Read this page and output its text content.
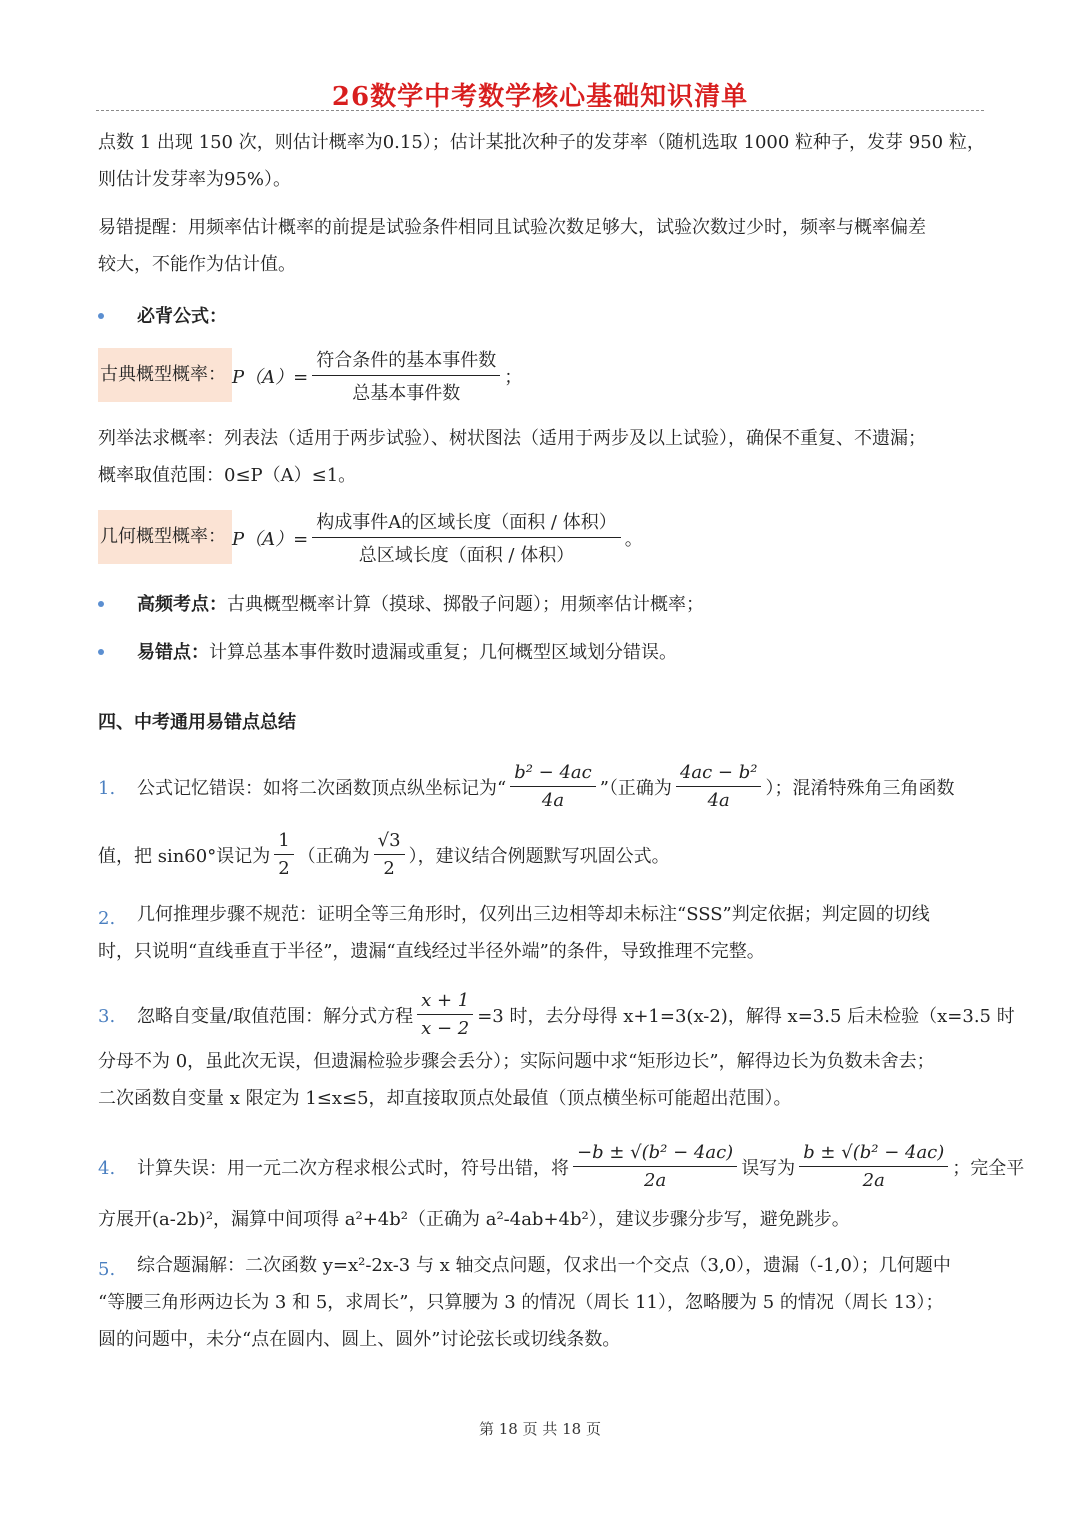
26数学中考数学核心基础知识清单
点数 1 出现 150 次，则估计概率为0.15）；估计某批次种子的发芽率（随机选取 1000 粒种子，发芽 950 粒，
则估计发芽率为95%）。
易错提醒：用频率估计概率的前提是试验条件相同且试验次数足够大，试验次数过少时，频率与概率偏差
较大，不能作为估计值。
必背公式：
古典概型概率： $P(A)= \frac{\text{符合条件的基本事件数}}{\text{总基本事件数}}$ ；
列举法求概率：列表法（适用于两步试验）、树状图法（适用于两步及以上试验），确保不重复、不遗漏；
概率取值范围：0≤P（A）≤1。
几何概型概率： $P(A)= \frac{\text{构成事件A的区域长度（面积 / 体积）}}{\text{总区域长度（面积 / 体积）}}$ 。
高频考点：古典概型概率计算（摸球、掷骰子问题）；用频率估计概率；
易错点：计算总基本事件数时遗漏或重复；几何概型区域划分错误。
四、中考通用易错点总结
1. 公式记忆错误：如将二次函数顶点纵坐标记为“ $\frac{\text{b² − 4ac}}{4a}$ ”（正确为 $\frac{\text{4ac − b²}}{4a}$ ）；混淆特殊角三角函数
值，把 sin60°误记为 $\frac{1}{2}$ （正确为 $\frac{√3}{2}$ ），建议结合例题默写巩固公式。
2. 几何推理步骤不规范：证明全等三角形时，仅列出三边相等却未标注“SSS”判定依据；判定圆的切线
时，只说明“直线垂直于半径”，遗漏“直线经过半径外端”的条件，导致推理不完整。
3. 忽略自变量/取值范围：解分式方程 $\frac{x + 1}{x - 2} =3$ 时，去分母得 x+1=3(x-2)，解得 x=3.5 后未检验（x=3.5 时
分母不为 0，虽此次无误，但遗漏检验步骤会丢分）；实际问题中求“矩形边长”，解得边长为负数未舍去；
二次函数自变量 x 限定为 1≤x≤5，却直接取顶点处最值（顶点横坐标可能超出范围）。
4. 计算失误：用一元二次方程求根公式时，符号出错，将 $\frac{\text{−b ± √(b² − 4ac)}}{2a}$ 误写为 $\frac{\text{b ± √(b² − 4ac)}}{2a}$ ；完全平
方展开(a-2b)²，漏算中间项得 a²+4b²（正确为 a²-4ab+4b²），建议步骤分步写，避免跳步。
5. 综合题漏解：二次函数 y=x²-2x-3 与 x 轴交点问题，仅求出一个交点（3,0），遗漏（-1,0）；几何题中
“等腰三角形两边长为 3 和 5，求周长”，只算腰为 3 的情况（周长 11），忽略腰为 5 的情况（周长 13）；
圆的问题中，未分“点在圆内、圆上、圆外”讨论弦长或切线条数。
第 18 页 共 18 页
